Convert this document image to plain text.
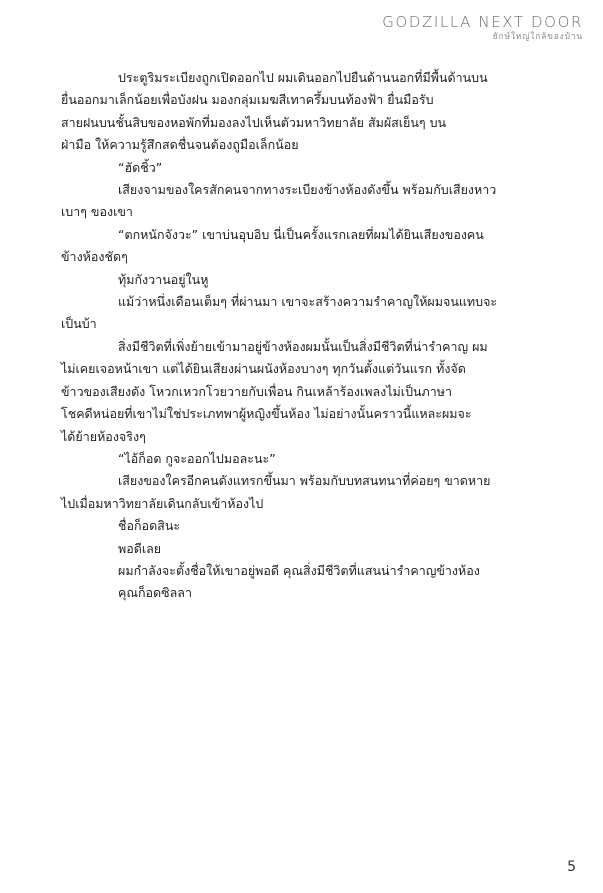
GODZILLA NEXT DOOR
ยักษ์ใหญ่ใกล้ของบ้าน

ประตูริมระเบียงถูกเปิดออกไป ผมเดินออกไปยืนด้านนอกที่มีพื้นด้านบน
ยื่นออกมาเล็กน้อยเพื่อบังฝน มองกลุ่มเมฆสีเทาครึ้มบนท้องฟ้า ยื่นมือรับ
สายฝนบนชั้นสิบของหอพักที่มองลงไปเห็นตัวมหาวิทยาลัย สัมผัสเย็นๆ บน
ฝ่ามือ ให้ความรู้สึกสดชื่นจนต้องถูมือเล็กน้อย

“ฮัดชิ้ว”

เสียงจามของใครสักคนจากทางระเบียงข้างห้องดังขึ้น พร้อมกับเสียงหาว
เบาๆ ของเขา

“ตกหนักจังวะ” เขาบ่นอุบอิบ นี่เป็นครั้งแรกเลยที่ผมได้ยินเสียงของคน
ข้างห้องชัดๆ

ทุ้มกังวานอยู่ในหู

แม้ว่าหนึ่งเดือนเต็มๆ ที่ผ่านมา เขาจะสร้างความรำคาญให้ผมจนแทบจะ
เป็นบ้า

สิ่งมีชีวิตที่เพิ่งย้ายเข้ามาอยู่ข้างห้องผมนั้นเป็นสิ่งมีชีวิตที่น่ารำคาญ ผม
ไม่เคยเจอหน้าเขา แต่ได้ยินเสียงผ่านผนังห้องบางๆ ทุกวันตั้งแต่วันแรก ทั้งจัด
ข้าวของเสียงดัง โหวกเหวกโวยวายกับเพื่อน กินเหล้าร้องเพลงไม่เป็นภาษา
โชคดีหน่อยที่เขาไม่ใช่ประเภทพาผู้หญิงขึ้นห้อง ไม่อย่างนั้นคราวนี้แหละผมจะ
ได้ย้ายห้องจริงๆ

“ไอ้ก็อด กูจะออกไปมอละนะ”

เสียงของใครอีกคนดังแทรกขึ้นมา พร้อมกับบทสนทนาที่ค่อยๆ ขาดหาย
ไปเมื่อมหาวิทยาลัยเดินกลับเข้าห้องไป

ชื่อก็อดสินะ

พอดีเลย

ผมกำลังจะตั้งชื่อให้เขาอยู่พอดี คุณสิ่งมีชีวิตที่แสนน่ารำคาญข้างห้อง

คุณก็อดซิลลา

5
